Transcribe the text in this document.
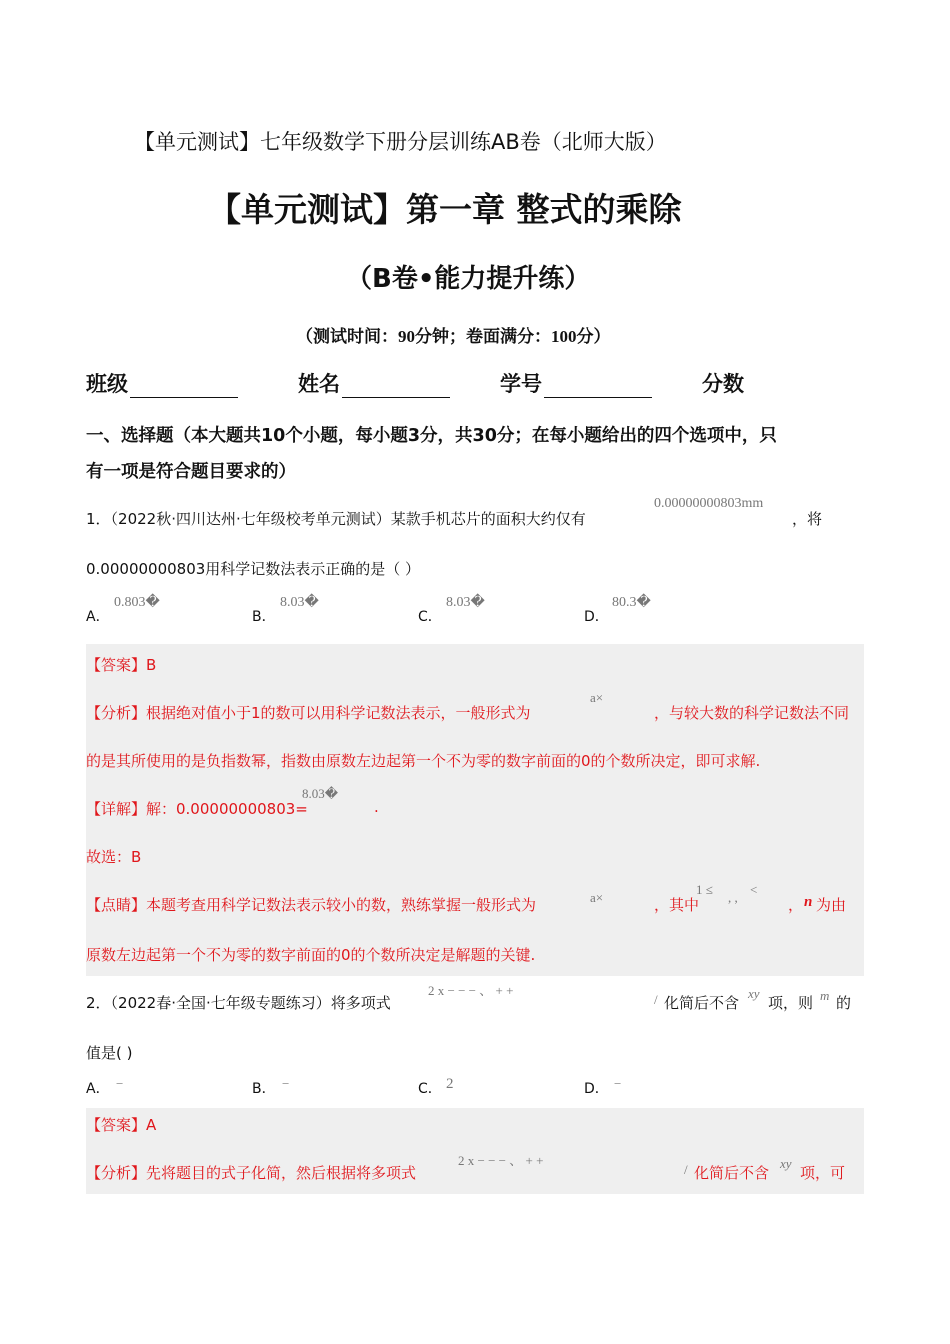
【单元测试】七年级数学下册分层训练AB卷（北师大版）
【单元测试】第一章 整式的乘除
（B卷•能力提升练）
（测试时间：90分钟；卷面满分：100分）
班级	姓名	学号	分数
一、选择题（本大题共10个小题，每小题3分，共30分；在每小题给出的四个选项中，只
有一项是符合题目要求的）
1．（2022秋·四川达州·七年级校考单元测试）某款手机芯片的面积大约仅有
0.00000000803mm
，将
0.00000000803用科学记数法表示正确的是（ ）
A．
0.803�
B．
8.03�
C．
8.03�
D．
80.3�
【答案】B
【分析】根据绝对值小于1的数可以用科学记数法表示，一般形式为
a×
，与较大数的科学记数法不同
的是其所使用的是负指数幂，指数由原数左边起第一个不为零的数字前面的0的个数所决定，即可求解.
【详解】解：0.00000000803=
8.03�
.
故选：B
【点睛】本题考查用科学记数法表示较小的数，熟练掌握一般形式为	a×	，其中
1 ≤
, ,
<
， n 为由
原数左边起第一个不为零的数字前面的0的个数所决定是解题的关键.
2．（2022春·全国·七年级专题练习）将多项式
2 x − − − 、 + +
/ 化简后不含
xy
项，则 m 的
值是( )
A． −	B． −	C． 2	D． −
【答案】A
【分析】先将题目的式子化简，然后根据将多项式
2 x − − − 、 + +
/ 化简后不含
xy
项，可
